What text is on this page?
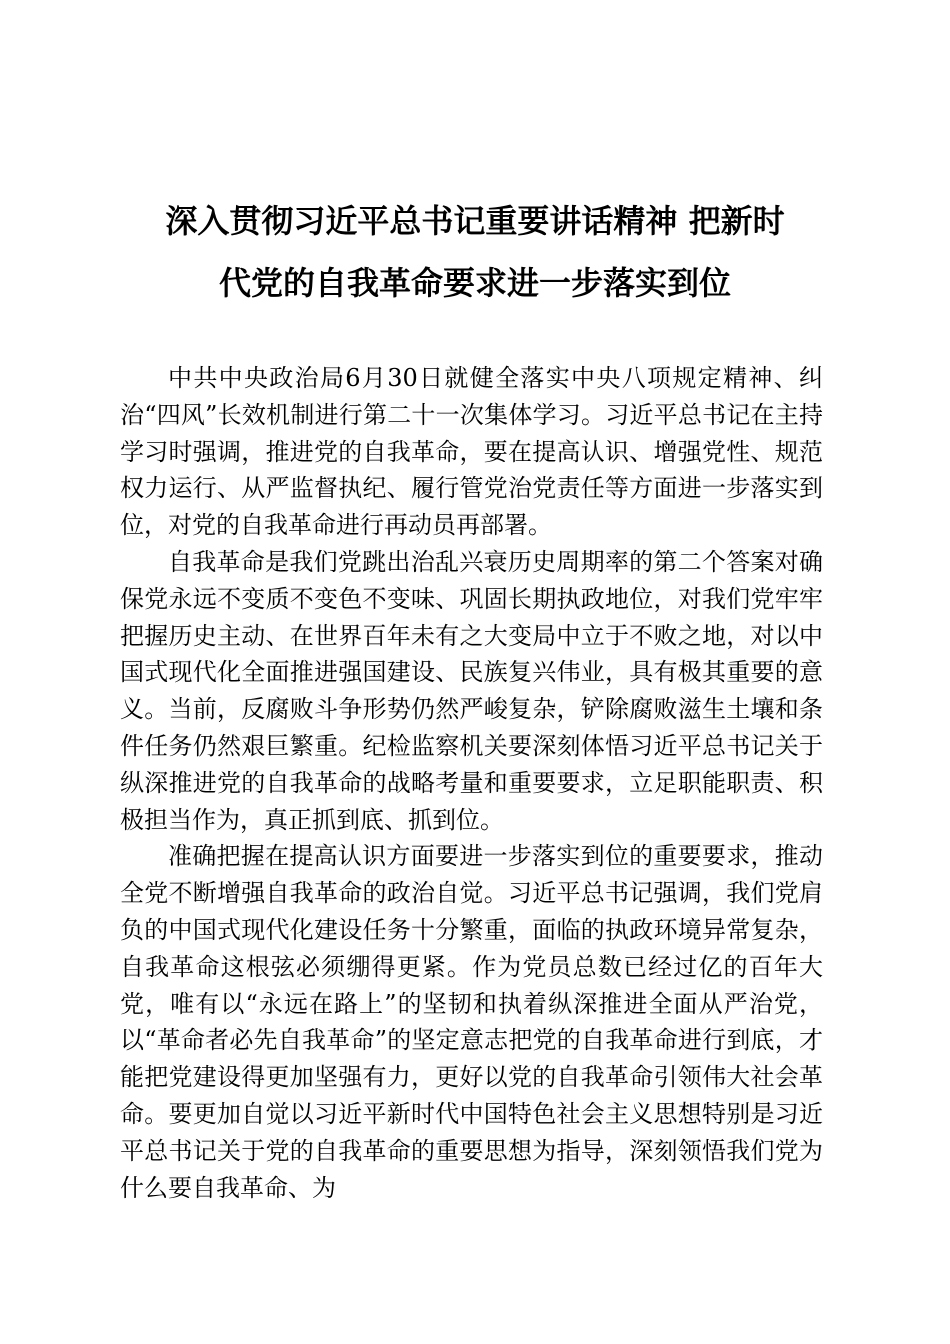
深入贯彻习近平总书记重要讲话精神 把新时
代党的自我革命要求进一步落实到位

中共中央政治局6月30日就健全落实中央八项规定精神、纠治“四风”长效机制进行第二十一次集体学习。习近平总书记在主持学习时强调，推进党的自我革命，要在提高认识、增强党性、规范权力运行、从严监督执纪、履行管党治党责任等方面进一步落实到位，对党的自我革命进行再动员再部署。

自我革命是我们党跳出治乱兴衰历史周期率的第二个答案对确保党永远不变质不变色不变味、巩固长期执政地位，对我们党牢牢把握历史主动、在世界百年未有之大变局中立于不败之地，对以中国式现代化全面推进强国建设、民族复兴伟业，具有极其重要的意义。当前，反腐败斗争形势仍然严峻复杂，铲除腐败滋生土壤和条件任务仍然艰巨繁重。纪检监察机关要深刻体悟习近平总书记关于纵深推进党的自我革命的战略考量和重要要求，立足职能职责、积极担当作为，真正抓到底、抓到位。

准确把握在提高认识方面要进一步落实到位的重要要求，推动全党不断增强自我革命的政治自觉。习近平总书记强调，我们党肩负的中国式现代化建设任务十分繁重，面临的执政环境异常复杂，自我革命这根弦必须绷得更紧。作为党员总数已经过亿的百年大党，唯有以“永远在路上”的坚韧和执着纵深推进全面从严治党，以“革命者必先自我革命”的坚定意志把党的自我革命进行到底，才能把党建设得更加坚强有力，更好以党的自我革命引领伟大社会革命。要更加自觉以习近平新时代中国特色社会主义思想特别是习近平总书记关于党的自我革命的重要思想为指导，深刻领悟我们党为什么要自我革命、为
